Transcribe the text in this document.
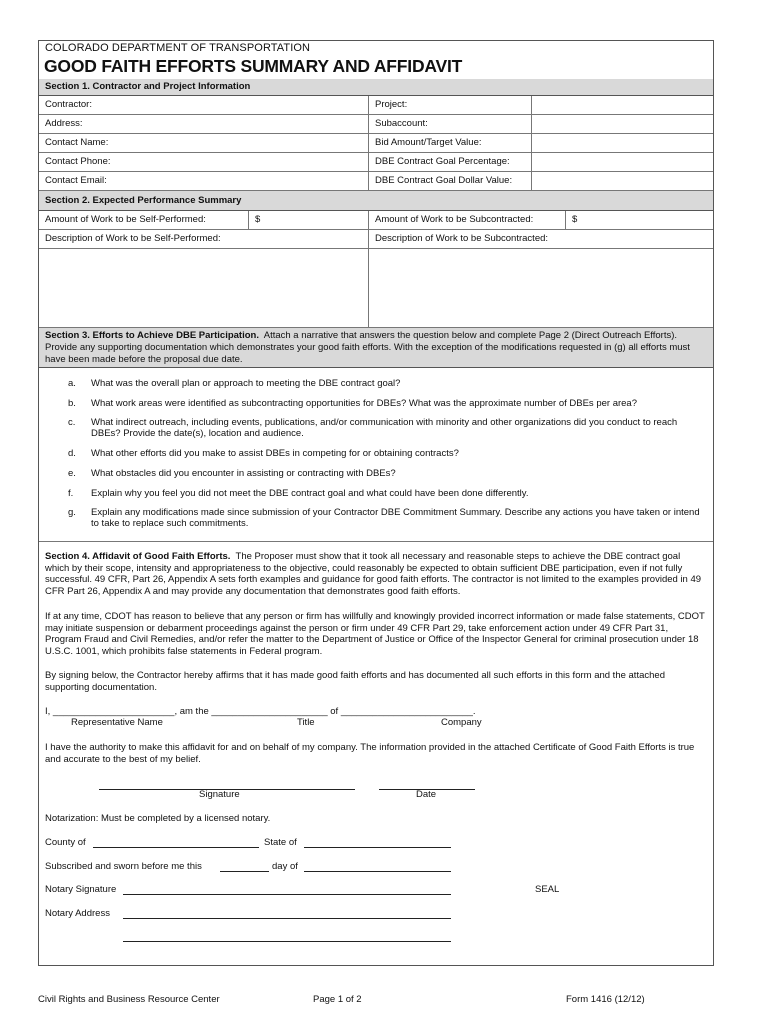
COLORADO DEPARTMENT OF TRANSPORTATION
GOOD FAITH EFFORTS SUMMARY AND AFFIDAVIT
Section 1. Contractor and Project Information
Contractor:	Project:
Address:	Subaccount:
Contact Name:	Bid Amount/Target Value:
Contact Phone:	DBE Contract Goal Percentage:
Contact Email:	DBE Contract Goal Dollar Value:
Section 2. Expected Performance Summary
Amount of Work to be Self-Performed:	$	Amount of Work to be Subcontracted:	$
Description of Work to be Self-Performed:	Description of Work to be Subcontracted:
Section 3. Efforts to Achieve DBE Participation. Attach a narrative that answers the question below and complete Page 2 (Direct Outreach Efforts). Provide any supporting documentation which demonstrates your good faith efforts. With the exception of the modifications requested in (g) all efforts must have been made before the proposal due date.
a. What was the overall plan or approach to meeting the DBE contract goal?
b. What work areas were identified as subcontracting opportunities for DBEs? What was the approximate number of DBEs per area?
c. What indirect outreach, including events, publications, and/or communication with minority and other organizations did you conduct to reach DBEs? Provide the date(s), location and audience.
d. What other efforts did you make to assist DBEs in competing for or obtaining contracts?
e. What obstacles did you encounter in assisting or contracting with DBEs?
f. Explain why you feel you did not meet the DBE contract goal and what could have been done differently.
g. Explain any modifications made since submission of your Contractor DBE Commitment Summary. Describe any actions you have taken or intend to take to replace such commitments.
Section 4. Affidavit of Good Faith Efforts. The Proposer must show that it took all necessary and reasonable steps to achieve the DBE contract goal which by their scope, intensity and appropriateness to the objective, could reasonably be expected to obtain sufficient DBE participation, even if not fully successful. 49 CFR, Part 26, Appendix A sets forth examples and guidance for good faith efforts. The contractor is not limited to the examples provided in 49 CFR Part 26, Appendix A and may provide any documentation that demonstrates good faith efforts.
If at any time, CDOT has reason to believe that any person or firm has willfully and knowingly provided incorrect information or made false statements, CDOT may initiate suspension or debarment proceedings against the person or firm under 49 CFR Part 29, take enforcement action under 49 CFR Part 31, Program Fraud and Civil Remedies, and/or refer the matter to the Department of Justice or Office of the Inspector General for criminal prosecution under 18 U.S.C. 1001, which prohibits false statements in Federal program.
By signing below, the Contractor hereby affirms that it has made good faith efforts and has documented all such efforts in this form and the attached supporting documentation.
I, _______________________, am the ______________________ of _________________________.
Representative Name	Title	Company
I have the authority to make this affidavit for and on behalf of my company. The information provided in the attached Certificate of Good Faith Efforts is true and accurate to the best of my belief.
Signature	Date
Notarization: Must be completed by a licensed notary.
County of	State of
Subscribed and sworn before me this	day of
Notary Signature	SEAL
Notary Address
Civil Rights and Business Resource Center	Page 1 of 2	Form 1416 (12/12)
